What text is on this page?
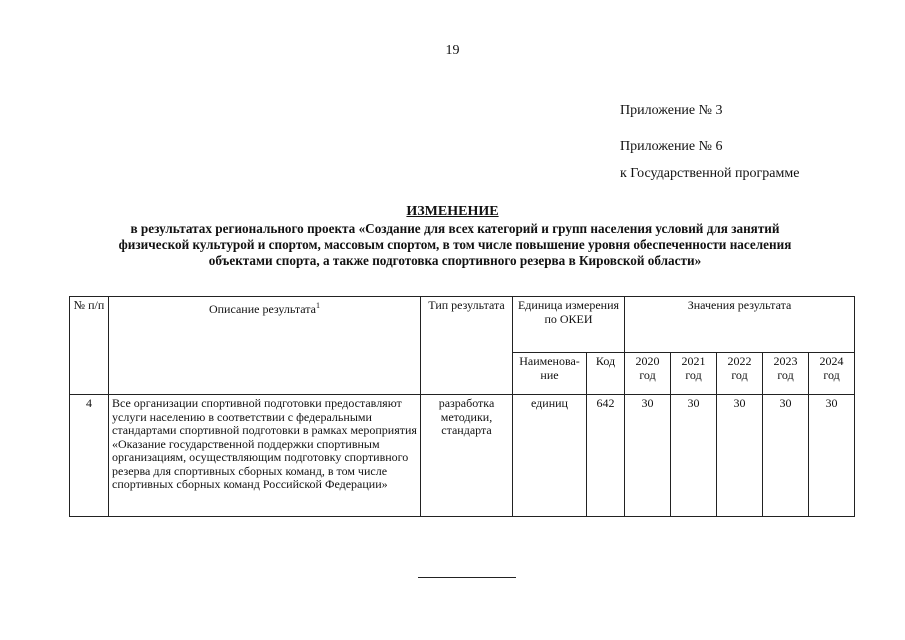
19
Приложение № 3
Приложение № 6
к Государственной программе
ИЗМЕНЕНИЕ
в результатах регионального проекта «Создание для всех категорий и групп населения условий для занятий
физической культурой и спортом, массовым спортом, в том числе повышение уровня обеспеченности населения
объектами спорта, а также подготовка спортивного резерва в Кировской области»
№ п/п	Описание результата$^1$	Тип результата	Единица измерения по ОКЕИ		Значения результата				
			Наименова-ние	Код	2020 год	2021 год	2022 год	2023 год	2024 год
4	Все организации спортивной подготовки предоставляют услуги населению в соответствии с федеральными стандартами спортивной подготовки в рамках мероприятия «Оказание государственной поддержки спортивным организациям, осуществляющим подготовку спортивного резерва для спортивных сборных команд, в том числе спортивных сборных команд Российской Федерации»	разработка методики, стандарта	единиц	642	30	30	30	30	30
